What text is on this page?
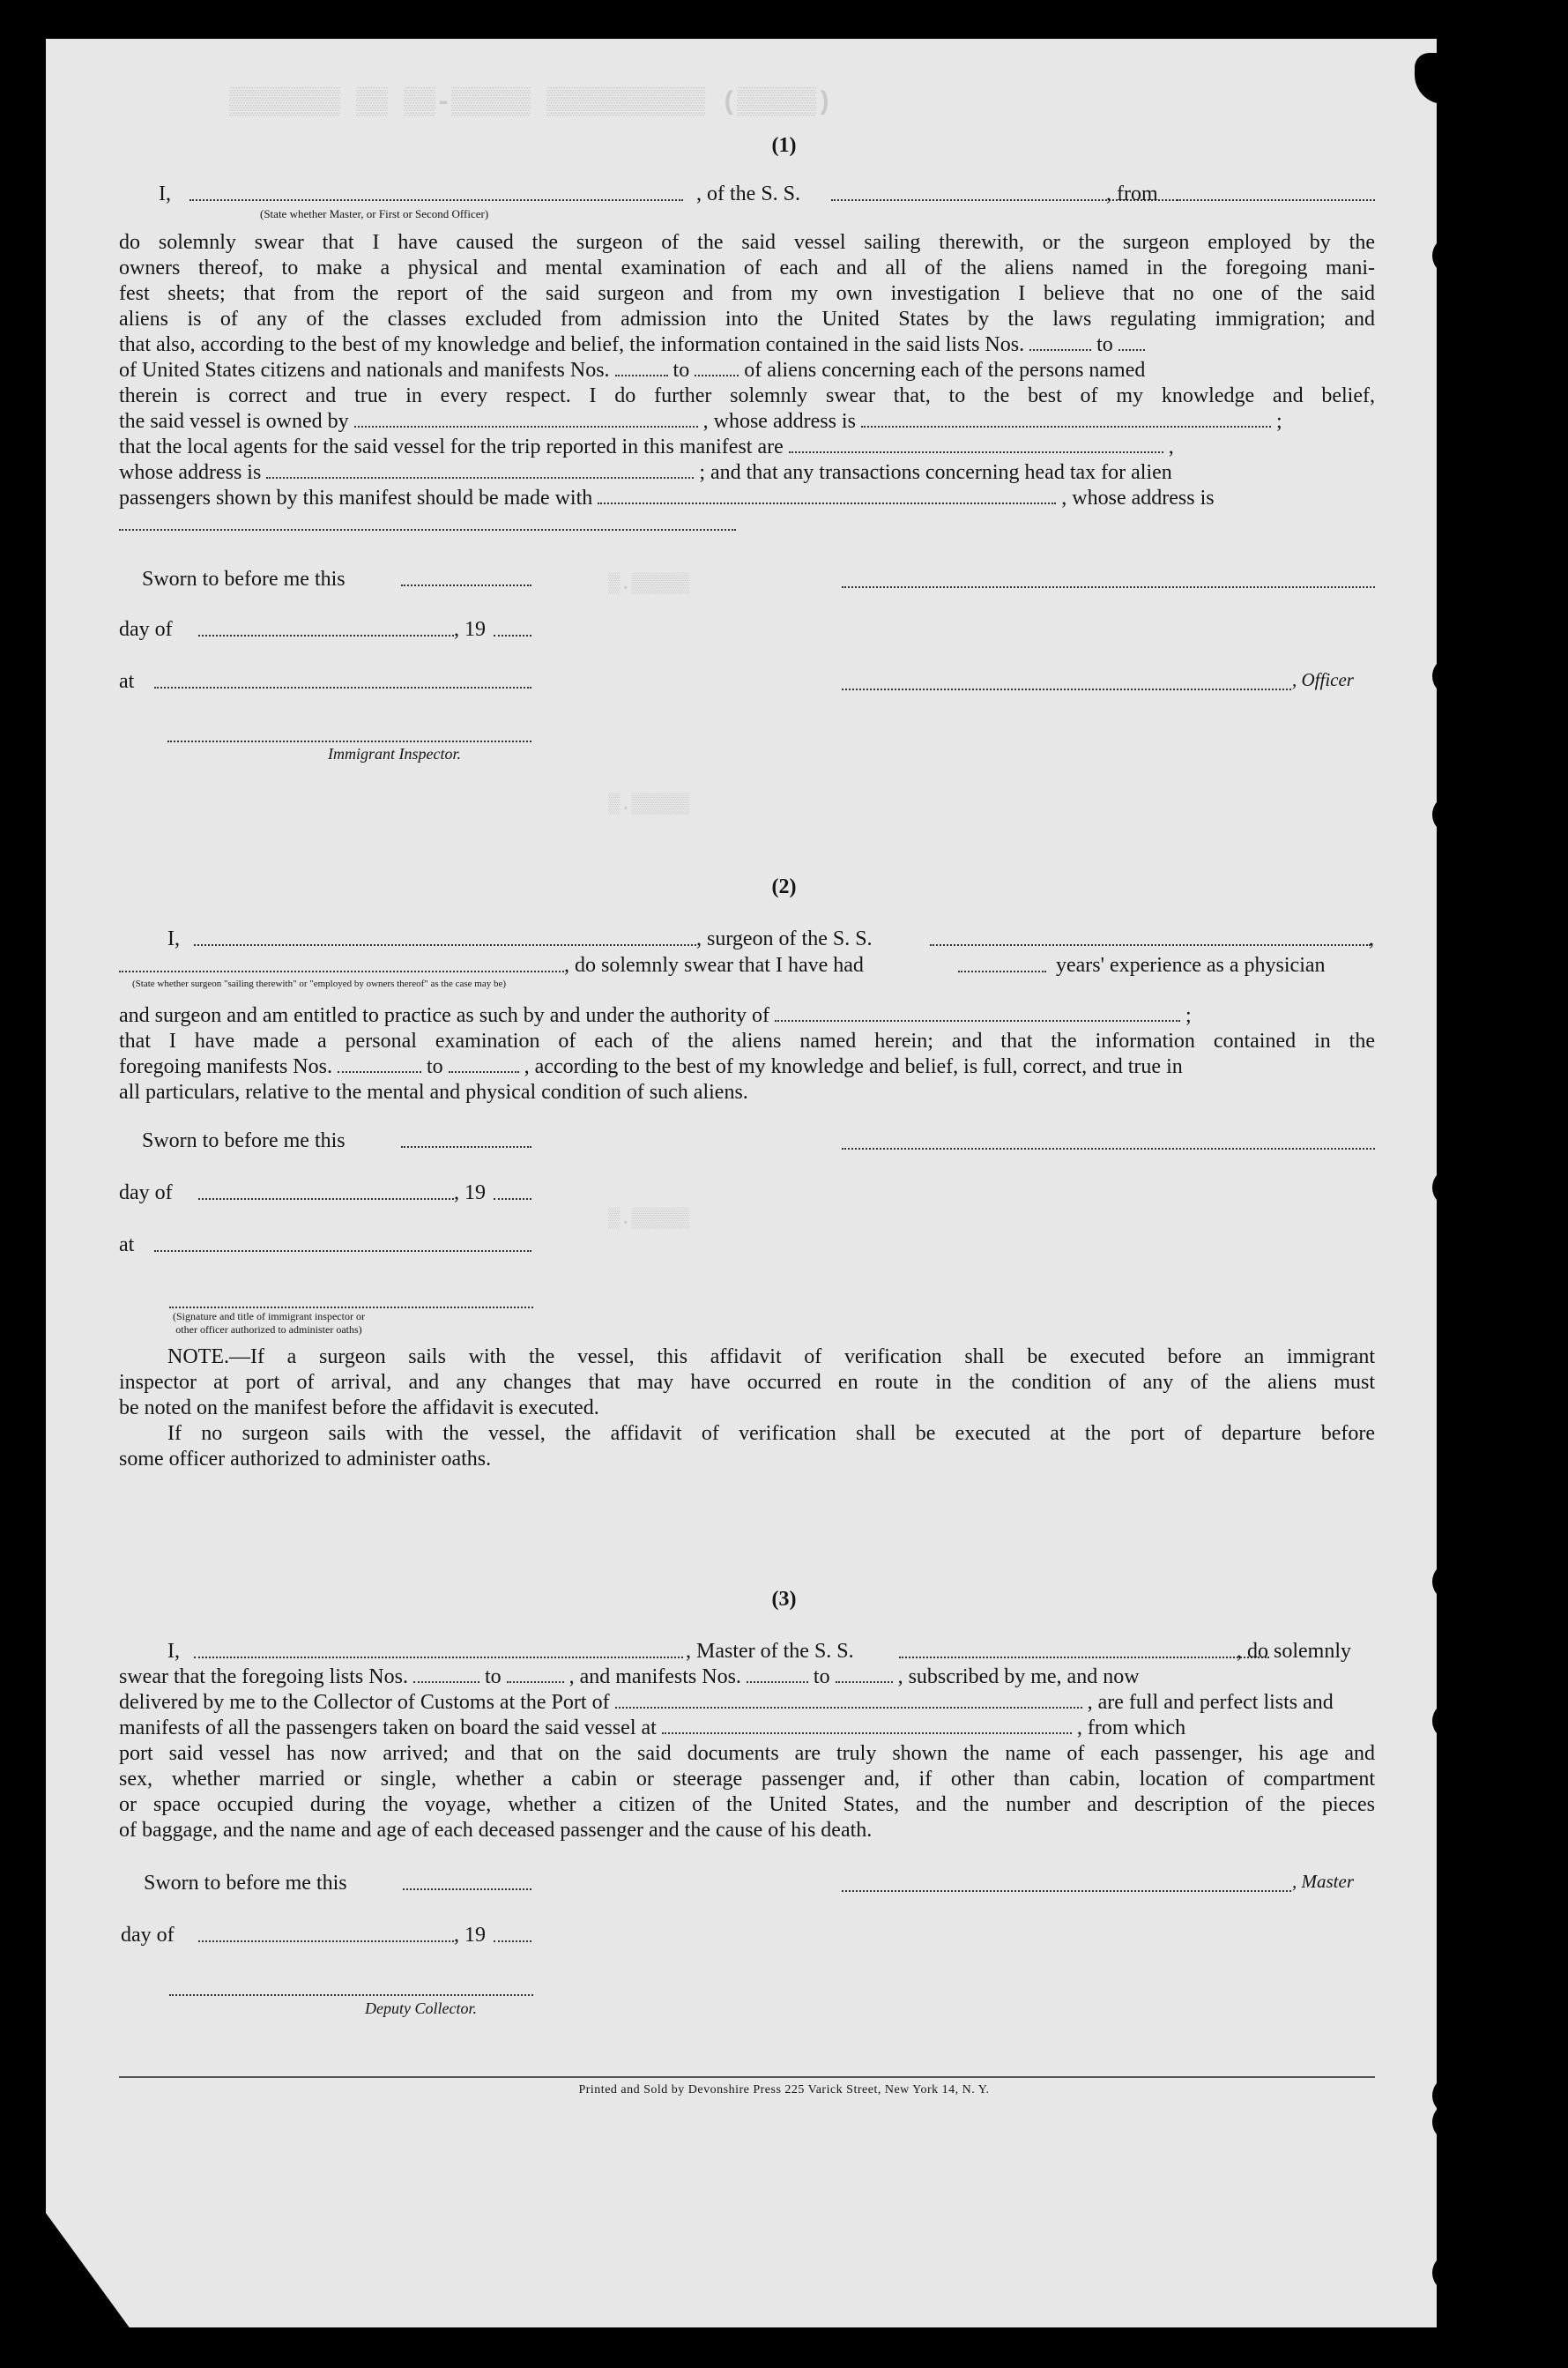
▒▒▒▒▒▒▒ ▒▒ ▒▒-▒▒▒▒▒ ▒▒▒▒▒▒▒▒▒▒ (▒▒▒▒▒)
▒.▒▒▒▒▒
▒.▒▒▒▒▒
▒.▒▒▒▒▒
(1)
I,	, of the S. S.	, from
(State whether Master, or First or Second Officer)

do solemnly swear that I have caused the surgeon of the said vessel sailing therewith, or the surgeon employed by the

owners thereof, to make a physical and mental examination of each and all of the aliens named in the foregoing mani-

fest sheets; that from the report of the said surgeon and from my own investigation I believe that no one of the said

aliens is of any of the classes excluded from admission into the United States by the laws regulating immigration; and

that also, according to the best of my knowledge and belief, the information contained in the said lists Nos.	to

of United States citizens and nationals and manifests Nos.	to	of aliens concerning each of the persons named

therein is correct and true in every respect. I do further solemnly swear that, to the best of my knowledge and belief,

the said vessel is owned by	, whose address is	;

that the local agents for the said vessel for the trip reported in this manifest are	,

whose address is	; and that any transactions concerning head tax for alien

passengers shown by this manifest should be made with	, whose address is

Sworn to before me this
day of	, 19
at	, Officer
Immigrant Inspector.
(2)
I,	, surgeon of the S. S.	,
, do solemnly swear that I have had	years' experience as a physician
(State whether surgeon "sailing therewith" or "employed by owners thereof" as the case may be)

and surgeon and am entitled to practice as such by and under the authority of	;

that I have made a personal examination of each of the aliens named herein; and that the information contained in the

foregoing manifests Nos.	to	, according to the best of my knowledge and belief, is full, correct, and true in

all particulars, relative to the mental and physical condition of such aliens.

Sworn to before me this
day of	, 19
at
(Signature and title of immigrant inspector or
other officer authorized to administer oaths)

NOTE.—If a surgeon sails with the vessel, this affidavit of verification shall be executed before an immigrant

inspector at port of arrival, and any changes that may have occurred en route in the condition of any of the aliens must

be noted on the manifest before the affidavit is executed.

If no surgeon sails with the vessel, the affidavit of verification shall be executed at the port of departure before

some officer authorized to administer oaths.

(3)
I,	, Master of the S. S.	, do solemnly

swear that the foregoing lists Nos.	to	, and manifests Nos.	to	, subscribed by me, and now

delivered by me to the Collector of Customs at the Port of	, are full and perfect lists and

manifests of all the passengers taken on board the said vessel at	, from which

port said vessel has now arrived; and that on the said documents are truly shown the name of each passenger, his age and

sex, whether married or single, whether a cabin or steerage passenger and, if other than cabin, location of compartment

or space occupied during the voyage, whether a citizen of the United States, and the number and description of the pieces

of baggage, and the name and age of each deceased passenger and the cause of his death.

Sworn to before me this	, Master
day of	, 19
Deputy Collector.
Printed and Sold by Devonshire Press 225 Varick Street, New York 14, N. Y.
